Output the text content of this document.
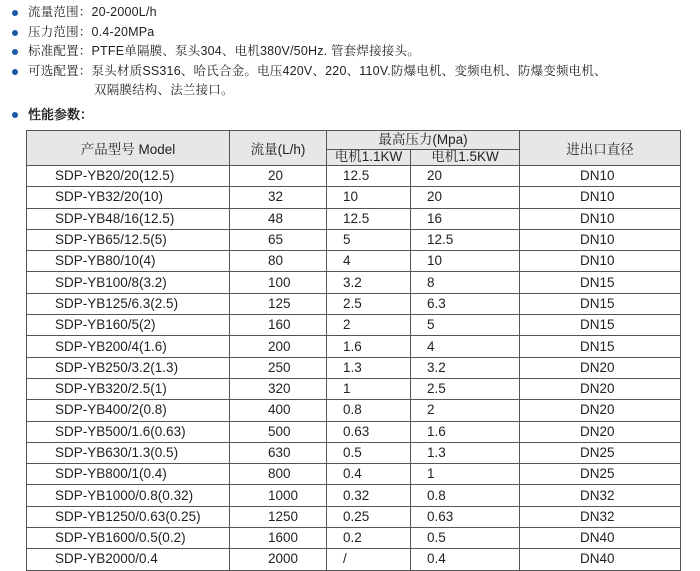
流量范围：20-2000L/h
压力范围：0.4-20MPa
标准配置：PTFE单隔膜、泵头304、电机380V/50Hz. 管套焊接接头。
可选配置：泵头材质SS316、哈氏合金。电压420V、220、110V.防爆电机、变频电机、防爆变频电机、
双隔膜结构、法兰接口。
性能参数：
产品型号 Model	流量(L/h)	最高压力(Mpa)		进出口直径
		电机1.1KW	电机1.5KW	
SDP-YB20/20(12.5)	20	12.5	20	DN10
SDP-YB32/20(10)	32	10	20	DN10
SDP-YB48/16(12.5)	48	12.5	16	DN10
SDP-YB65/12.5(5)	65	5	12.5	DN10
SDP-YB80/10(4)	80	4	10	DN10
SDP-YB100/8(3.2)	100	3.2	8	DN15
SDP-YB125/6.3(2.5)	125	2.5	6.3	DN15
SDP-YB160/5(2)	160	2	5	DN15
SDP-YB200/4(1.6)	200	1.6	4	DN15
SDP-YB250/3.2(1.3)	250	1.3	3.2	DN20
SDP-YB320/2.5(1)	320	1	2.5	DN20
SDP-YB400/2(0.8)	400	0.8	2	DN20
SDP-YB500/1.6(0.63)	500	0.63	1.6	DN20
SDP-YB630/1.3(0.5)	630	0.5	1.3	DN25
SDP-YB800/1(0.4)	800	0.4	1	DN25
SDP-YB1000/0.8(0.32)	1000	0.32	0.8	DN32
SDP-YB1250/0.63(0.25)	1250	0.25	0.63	DN32
SDP-YB1600/0.5(0.2)	1600	0.2	0.5	DN40
SDP-YB2000/0.4	2000	/	0.4	DN40
